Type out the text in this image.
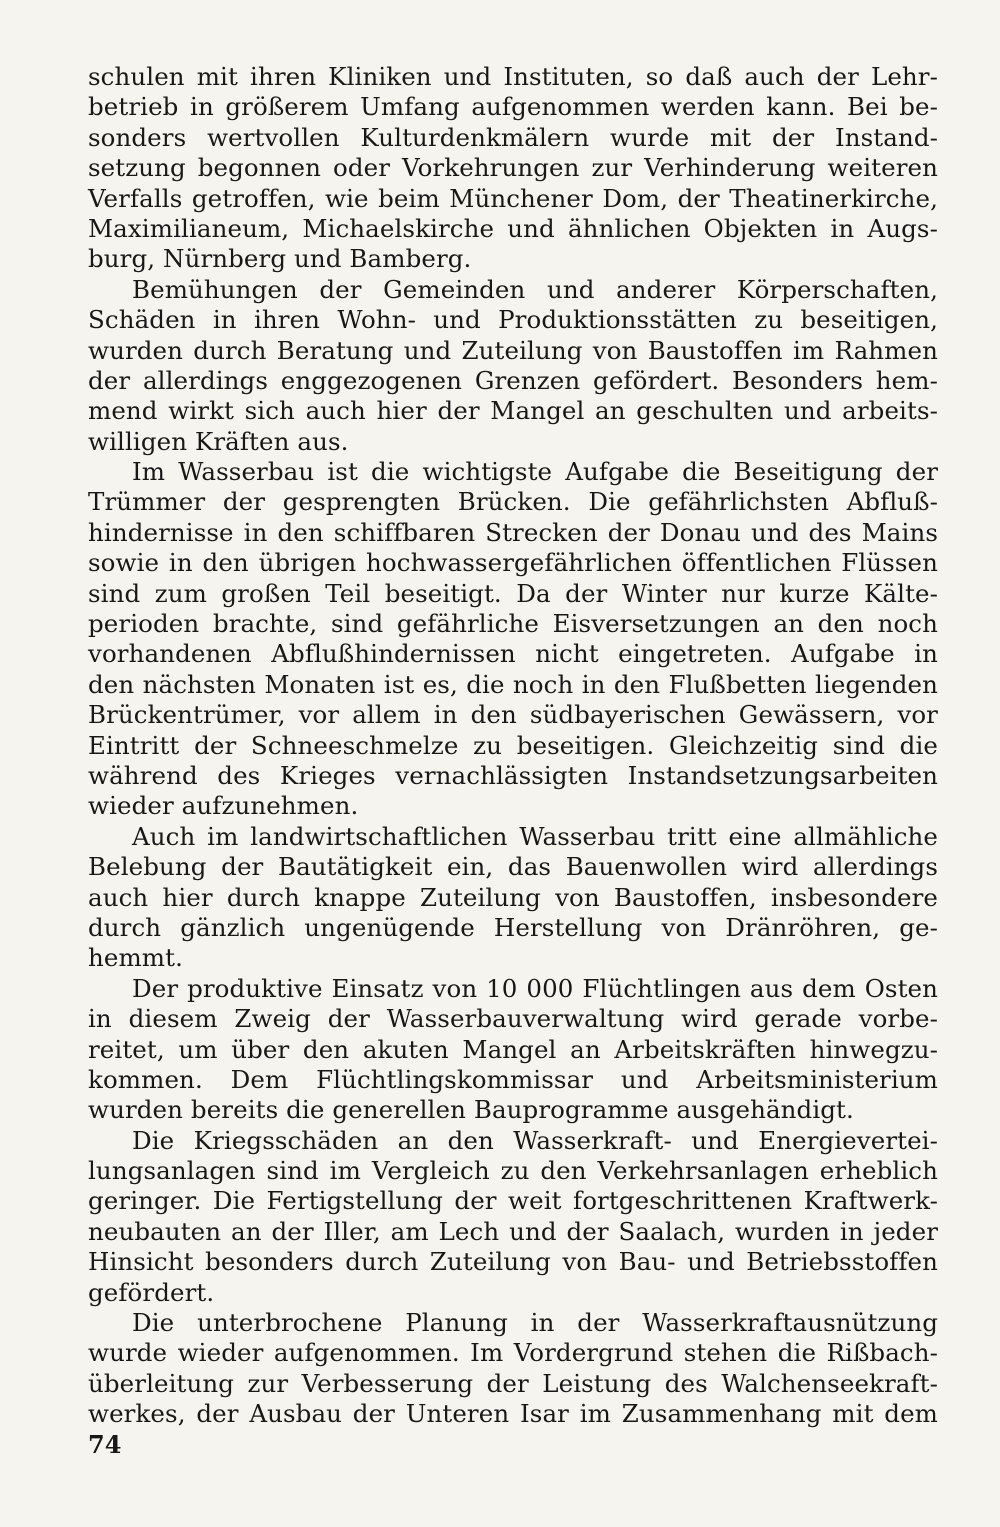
schulen mit ihren Kliniken und Instituten, so daß auch der Lehr-
betrieb in größerem Umfang aufgenommen werden kann. Bei be-
sonders wertvollen Kulturdenkmälern wurde mit der Instand-
setzung begonnen oder Vorkehrungen zur Verhinderung weiteren
Verfalls getroffen, wie beim Münchener Dom, der Theatinerkirche,
Maximilianeum, Michaelskirche und ähnlichen Objekten in Augs-
burg, Nürnberg und Bamberg.
Bemühungen der Gemeinden und anderer Körperschaften,
Schäden in ihren Wohn- und Produktionsstätten zu beseitigen,
wurden durch Beratung und Zuteilung von Baustoffen im Rahmen
der allerdings enggezogenen Grenzen gefördert. Besonders hem-
mend wirkt sich auch hier der Mangel an geschulten und arbeits-
willigen Kräften aus.
Im Wasserbau ist die wichtigste Aufgabe die Beseitigung der
Trümmer der gesprengten Brücken. Die gefährlichsten Abfluß-
hindernisse in den schiffbaren Strecken der Donau und des Mains
sowie in den übrigen hochwassergefährlichen öffentlichen Flüssen
sind zum großen Teil beseitigt. Da der Winter nur kurze Kälte-
perioden brachte, sind gefährliche Eisversetzungen an den noch
vorhandenen Abflußhindernissen nicht eingetreten. Aufgabe in
den nächsten Monaten ist es, die noch in den Flußbetten liegenden
Brückentrümer, vor allem in den südbayerischen Gewässern, vor
Eintritt der Schneeschmelze zu beseitigen. Gleichzeitig sind die
während des Krieges vernachlässigten Instandsetzungsarbeiten
wieder aufzunehmen.
Auch im landwirtschaftlichen Wasserbau tritt eine allmähliche
Belebung der Bautätigkeit ein, das Bauenwollen wird allerdings
auch hier durch knappe Zuteilung von Baustoffen, insbesondere
durch gänzlich ungenügende Herstellung von Dränröhren, ge-
hemmt.
Der produktive Einsatz von 10 000 Flüchtlingen aus dem Osten
in diesem Zweig der Wasserbauverwaltung wird gerade vorbe-
reitet, um über den akuten Mangel an Arbeitskräften hinwegzu-
kommen. Dem Flüchtlingskommissar und Arbeitsministerium
wurden bereits die generellen Bauprogramme ausgehändigt.
Die Kriegsschäden an den Wasserkraft- und Energievertei-
lungsanlagen sind im Vergleich zu den Verkehrsanlagen erheblich
geringer. Die Fertigstellung der weit fortgeschrittenen Kraftwerk-
neubauten an der Iller, am Lech und der Saalach, wurden in jeder
Hinsicht besonders durch Zuteilung von Bau- und Betriebsstoffen
gefördert.
Die unterbrochene Planung in der Wasserkraftausnützung
wurde wieder aufgenommen. Im Vordergrund stehen die Rißbach-
überleitung zur Verbesserung der Leistung des Walchenseekraft-
werkes, der Ausbau der Unteren Isar im Zusammenhang mit dem
74
